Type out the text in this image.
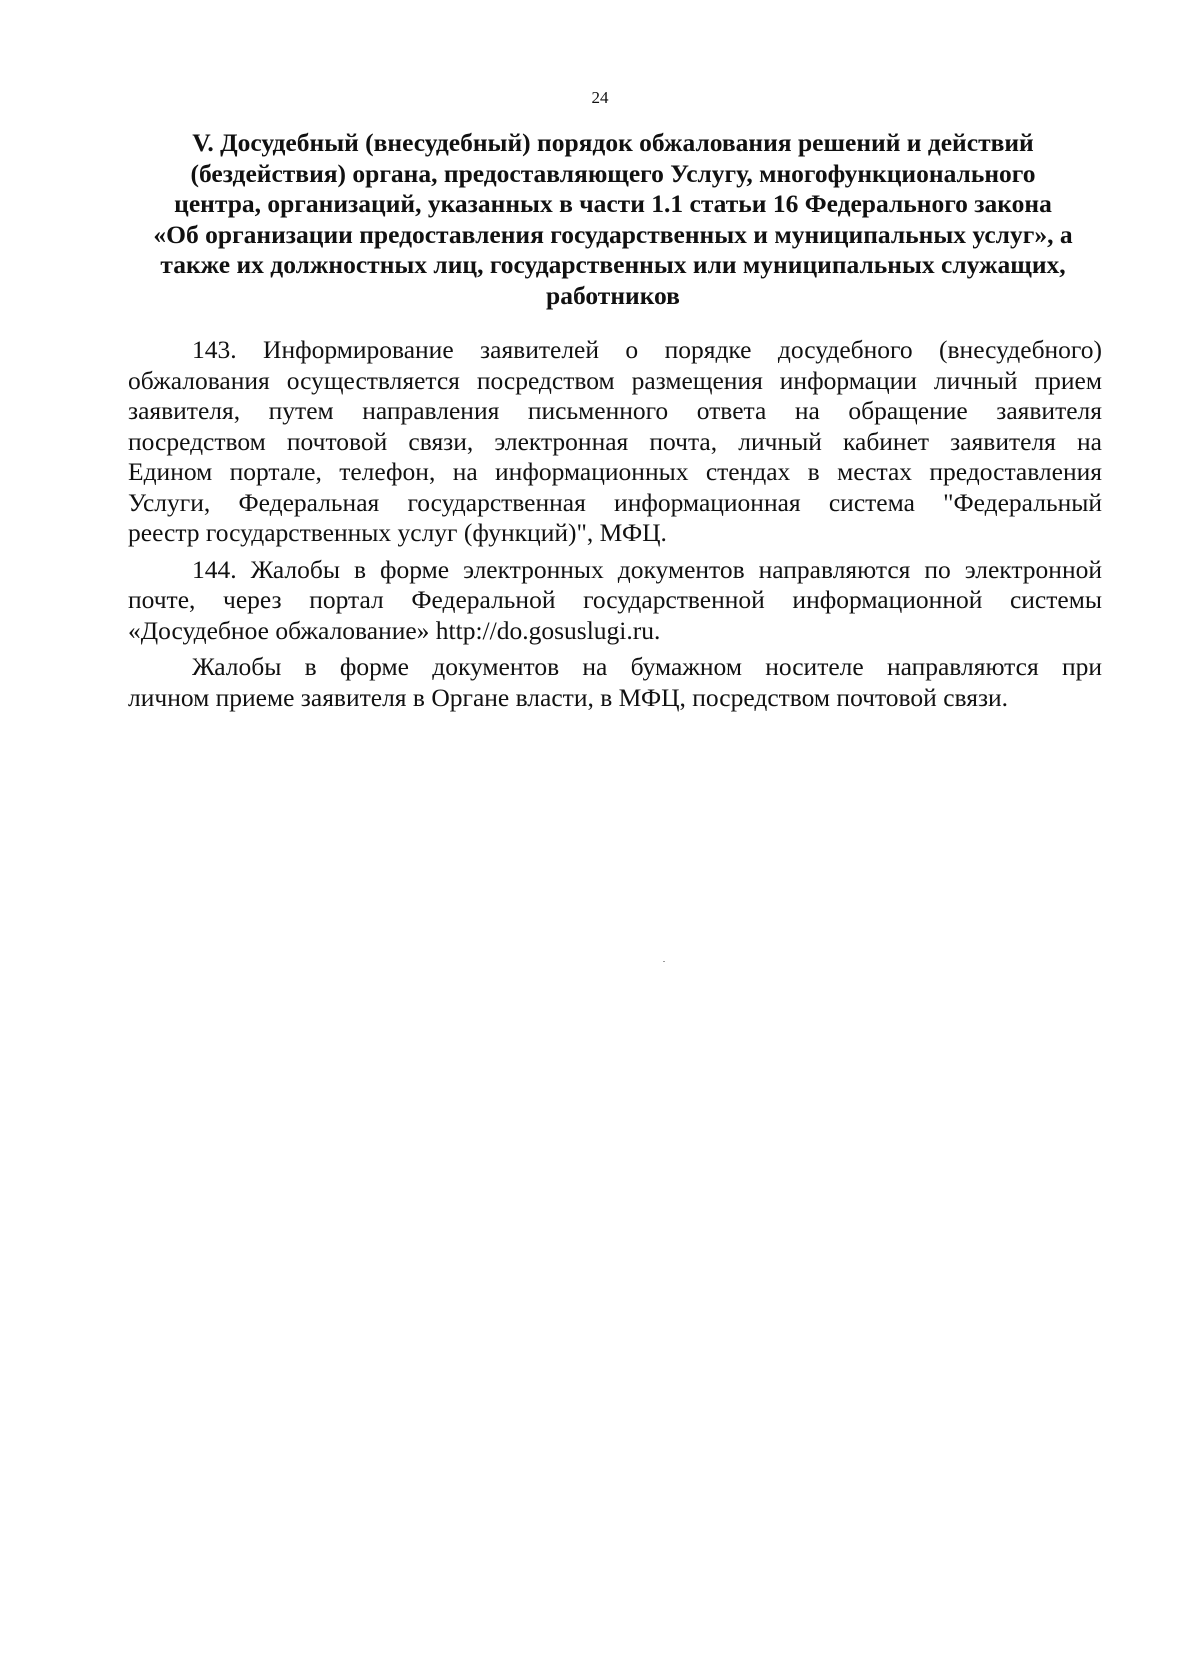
24
V. Досудебный (внесудебный) порядок обжалования решений и действий
(бездействия) органа, предоставляющего Услугу, многофункционального
центра, организаций, указанных в части 1.1 статьи 16 Федерального закона
«Об организации предоставления государственных и муниципальных услуг», а
также их должностных лиц, государственных или муниципальных служащих,
работников
143. Информирование заявителей о порядке досудебного (внесудебного)
обжалования осуществляется посредством размещения информации личный прием
заявителя, путем направления письменного ответа на обращение заявителя
посредством почтовой связи, электронная почта, личный кабинет заявителя на
Едином портале, телефон, на информационных стендах в местах предоставления
Услуги, Федеральная государственная информационная система "Федеральный
реестр государственных услуг (функций)", МФЦ.
144. Жалобы в форме электронных документов направляются по электронной
почте, через портал Федеральной государственной информационной системы
«Досудебное обжалование» http://do.gosuslugi.ru.
Жалобы в форме документов на бумажном носителе направляются при
личном приеме заявителя в Органе власти, в МФЦ, посредством почтовой связи.
